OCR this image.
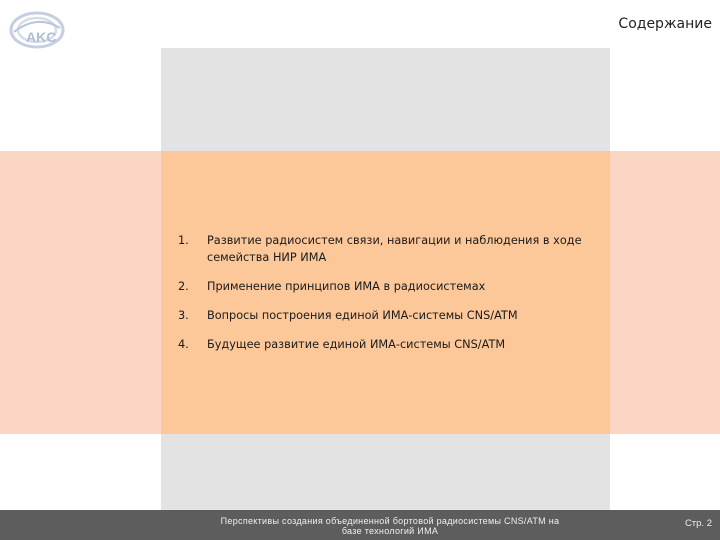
AKC
Содержание
1.	Развитие радиосистем связи, навигации и наблюдения в ходе семейства НИР ИМА
2.	Применение принципов ИМА в радиосистемах
3.	Вопросы построения единой ИМА-системы CNS/ATM
4.	Будущее развитие единой ИМА-системы CNS/ATM
Перспективы создания объединенной бортовой радиосистемы CNS/ATM на
базе технологий ИМА
Стр. 2
